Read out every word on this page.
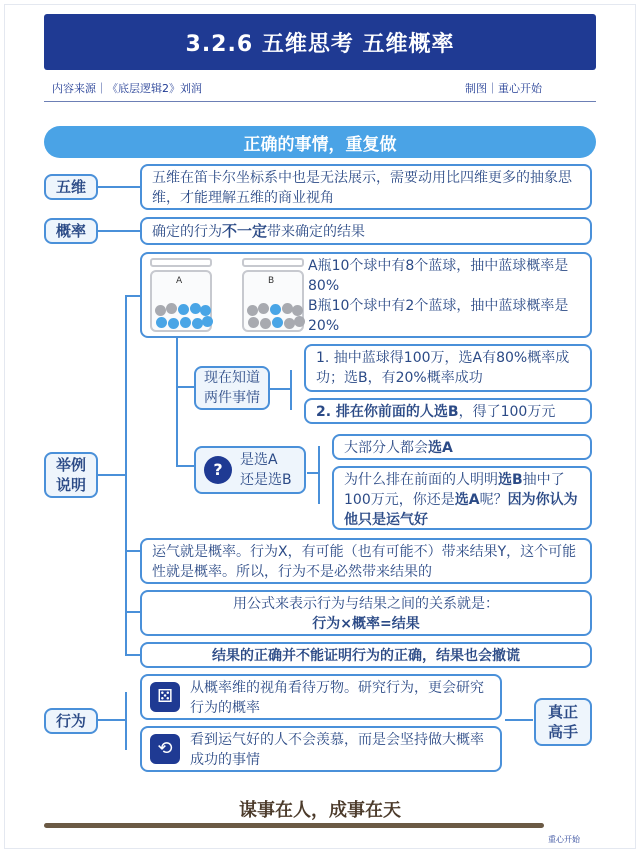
3.2.6 五维思考 五维概率
内容来源｜《底层逻辑2》刘润	制图｜重心开始
正确的事情，重复做
五维	五维在笛卡尔坐标系中也是无法展示，需要动用比四维更多的抽象思维，才能理解五维的商业视角
概率	确定的行为不一定带来确定的结果
举例
说明
A	B
A瓶10个球中有8个蓝球，抽中蓝球概率是80%
B瓶10个球中有2个蓝球，抽中蓝球概率是20%
现在知道
两件事情
1. 抽中蓝球得100万，选A有80%概率成功；选B，有20%概率成功
2. 排在你前面的人选B，得了100万元
?	是选A
还是选B
大部分人都会选A
为什么排在前面的人明明选B抽中了100万元，你还是选A呢？因为你认为他只是运气好
运气就是概率。行为X，有可能（也有可能不）带来结果Y，这个可能性就是概率。所以，行为不是必然带来结果的
用公式来表示行为与结果之间的关系就是：
行为×概率=结果
结果的正确并不能证明行为的正确，结果也会撤谎
行为
⚄	从概率维的视角看待万物。研究行为，更会研究行为的概率
⟲	看到运气好的人不会羡慕，而是会坚持做大概率成功的事情
真正
高手
谋事在人，成事在天
重心开始
